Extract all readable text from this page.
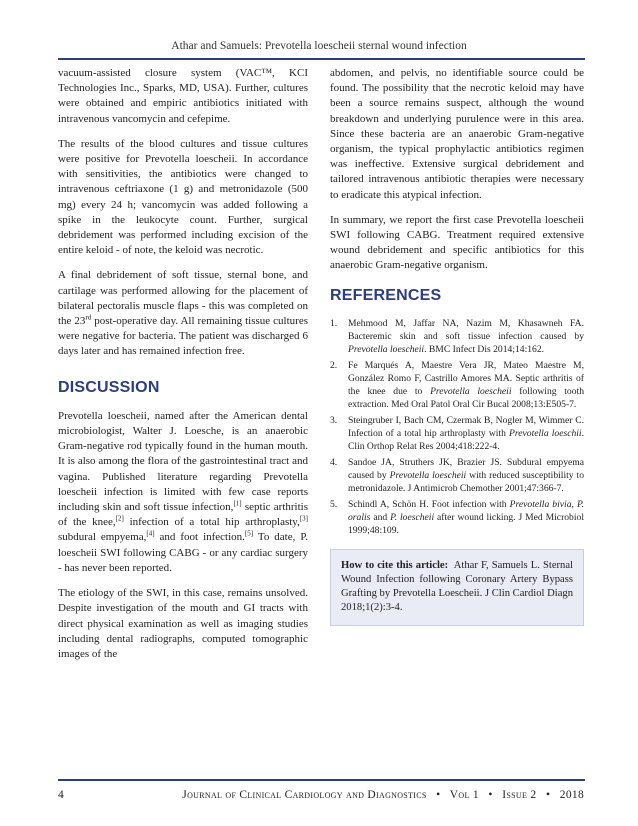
Athar and Samuels: Prevotella loescheii sternal wound infection

vacuum-assisted closure system (VAC™, KCI Technologies Inc., Sparks, MD, USA). Further, cultures were obtained and empiric antibiotics initiated with intravenous vancomycin and cefepime.

The results of the blood cultures and tissue cultures were positive for Prevotella loescheii. In accordance with sensitivities, the antibiotics were changed to intravenous ceftriaxone (1 g) and metronidazole (500 mg) every 24 h; vancomycin was added following a spike in the leukocyte count. Further, surgical debridement was performed including excision of the entire keloid - of note, the keloid was necrotic.

A final debridement of soft tissue, sternal bone, and cartilage was performed allowing for the placement of bilateral pectoralis muscle flaps - this was completed on the 23rd post-operative day. All remaining tissue cultures were negative for bacteria. The patient was discharged 6 days later and has remained infection free.

DISCUSSION

Prevotella loescheii, named after the American dental microbiologist, Walter J. Loesche, is an anaerobic Gram-negative rod typically found in the human mouth. It is also among the flora of the gastrointestinal tract and vagina. Published literature regarding Prevotella loescheii infection is limited with few case reports including skin and soft tissue infection,[1] septic arthritis of the knee,[2] infection of a total hip arthroplasty,[3] subdural empyema,[4] and foot infection.[5] To date, P. loescheii SWI following CABG - or any cardiac surgery - has never been reported.

The etiology of the SWI, in this case, remains unsolved. Despite investigation of the mouth and GI tracts with direct physical examination as well as imaging studies including dental radiographs, computed tomographic images of the

abdomen, and pelvis, no identifiable source could be found. The possibility that the necrotic keloid may have been a source remains suspect, although the wound breakdown and underlying purulence were in this area. Since these bacteria are an anaerobic Gram-negative organism, the typical prophylactic antibiotics regimen was ineffective. Extensive surgical debridement and tailored intravenous antibiotic therapies were necessary to eradicate this atypical infection.

In summary, we report the first case Prevotella loescheii SWI following CABG. Treatment required extensive wound debridement and specific antibiotics for this anaerobic Gram-negative organism.

REFERENCES
1. Mehmood M, Jaffar NA, Nazim M, Khasawneh FA. Bacteremic skin and soft tissue infection caused by Prevotella loescheii. BMC Infect Dis 2014;14:162.
2. Fe Marqués A, Maestre Vera JR, Mateo Maestre M, González Romo F, Castrillo Amores MA. Septic arthritis of the knee due to Prevotella loescheii following tooth extraction. Med Oral Patol Oral Cir Bucal 2008;13:E505-7.
3. Steingruber I, Bach CM, Czermak B, Nogler M, Wimmer C. Infection of a total hip arthroplasty with Prevotella loeschii. Clin Orthop Relat Res 2004;418:222-4.
4. Sandoe JA, Struthers JK, Brazier JS. Subdural empyema caused by Prevotella loescheii with reduced susceptibility to metronidazole. J Antimicrob Chemother 2001;47:366-7.
5. Schindl A, Schön H. Foot infection with Prevotella bivia, P. oralis and P. loescheii after wound licking. J Med Microbiol 1999;48:109.
How to cite this article:  Athar F, Samuels L. Sternal Wound Infection following Coronary Artery Bypass Grafting by Prevotella Loescheii. J Clin Cardiol Diagn 2018;1(2):3-4.
4	Journal of Clinical Cardiology and Diagnostics • Vol 1 • Issue 2 • 2018
